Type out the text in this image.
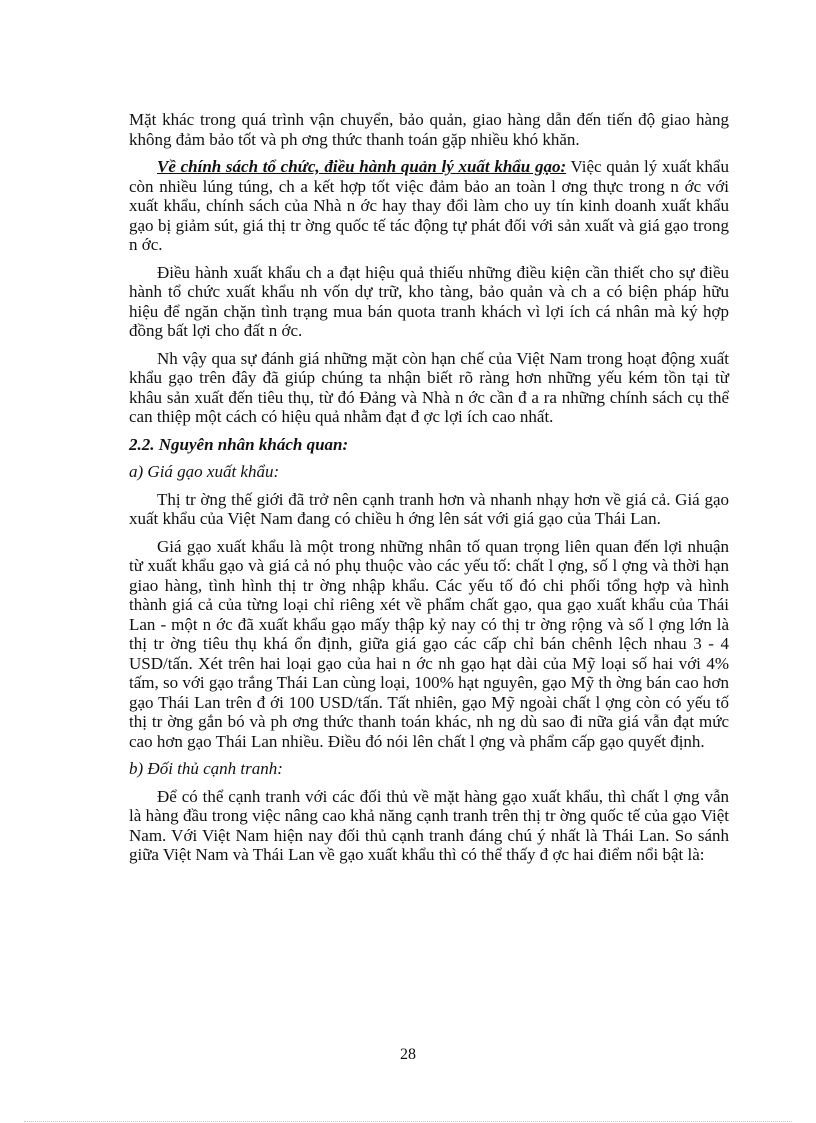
Mặt khác trong quá trình vận chuyển, bảo quản, giao hàng dẫn đến tiến độ giao hàng không đảm bảo tốt và ph ơng thức thanh toán gặp nhiều khó khăn.

Về chính sách tổ chức, điều hành quản lý xuất khẩu gạo: Việc quản lý xuất khẩu còn nhiều lúng túng, ch a kết hợp tốt việc đảm bảo an toàn l ơng thực trong n ớc với xuất khẩu, chính sách của Nhà n ớc hay thay đổi làm cho uy tín kinh doanh xuất khẩu gạo bị giảm sút, giá thị tr ờng quốc tế tác động tự phát đối với sản xuất và giá gạo trong n ớc.

Điều hành xuất khẩu ch a đạt hiệu quả thiếu những điều kiện cần thiết cho sự điều hành tổ chức xuất khẩu nh vốn dự trữ, kho tàng, bảo quản và ch a có biện pháp hữu hiệu để ngăn chặn tình trạng mua bán quota tranh khách vì lợi ích cá nhân mà ký hợp đồng bất lợi cho đất n ớc.

Nh vậy qua sự đánh giá những mặt còn hạn chế của Việt Nam trong hoạt động xuất khẩu gạo trên đây đã giúp chúng ta nhận biết rõ ràng hơn những yếu kém tồn tại từ khâu sản xuất đến tiêu thụ, từ đó Đảng và Nhà n ớc cần đ a ra những chính sách cụ thể can thiệp một cách có hiệu quả nhằm đạt đ ợc lợi ích cao nhất.

2.2. Nguyên nhân khách quan:

a) Giá gạo xuất khẩu:

Thị tr ờng thế giới đã trở nên cạnh tranh hơn và nhanh nhạy hơn về giá cả. Giá gạo xuất khẩu của Việt Nam đang có chiều h ớng lên sát với giá gạo của Thái Lan.

Giá gạo xuất khẩu là một trong những nhân tố quan trọng liên quan đến lợi nhuận từ xuất khẩu gạo và giá cả nó phụ thuộc vào các yếu tố: chất l ợng, số l ợng và thời hạn giao hàng, tình hình thị tr ờng nhập khẩu. Các yếu tố đó chi phối tổng hợp và hình thành giá cả của từng loại chỉ riêng xét về phẩm chất gạo, qua gạo xuất khẩu của Thái Lan - một n ớc đã xuất khẩu gạo mấy thập kỷ nay có thị tr ờng rộng và số l ợng lớn là thị tr ờng tiêu thụ khá ổn định, giữa giá gạo các cấp chỉ bán chênh lệch nhau 3 - 4 USD/tấn. Xét trên hai loại gạo của hai n ớc nh gạo hạt dài của Mỹ loại số hai với 4% tấm, so với gạo trắng Thái Lan cùng loại, 100% hạt nguyên, gạo Mỹ th ờng bán cao hơn gạo Thái Lan trên đ ới 100 USD/tấn. Tất nhiên, gạo Mỹ ngoài chất l ợng còn có yếu tố thị tr ờng gắn bó và ph ơng thức thanh toán khác, nh ng dù sao đi nữa giá vẫn đạt mức cao hơn gạo Thái Lan nhiều. Điều đó nói lên chất l ợng và phẩm cấp gạo quyết định.

b) Đối thủ cạnh tranh:

Để có thể cạnh tranh với các đối thủ về mặt hàng gạo xuất khẩu, thì chất l ợng vẫn là hàng đầu trong việc nâng cao khả năng cạnh tranh trên thị tr ờng quốc tế của gạo Việt Nam. Với Việt Nam hiện nay đối thủ cạnh tranh đáng chú ý nhất là Thái Lan. So sánh giữa Việt Nam và Thái Lan về gạo xuất khẩu thì có thể thấy đ ợc hai điểm nổi bật là:

28
